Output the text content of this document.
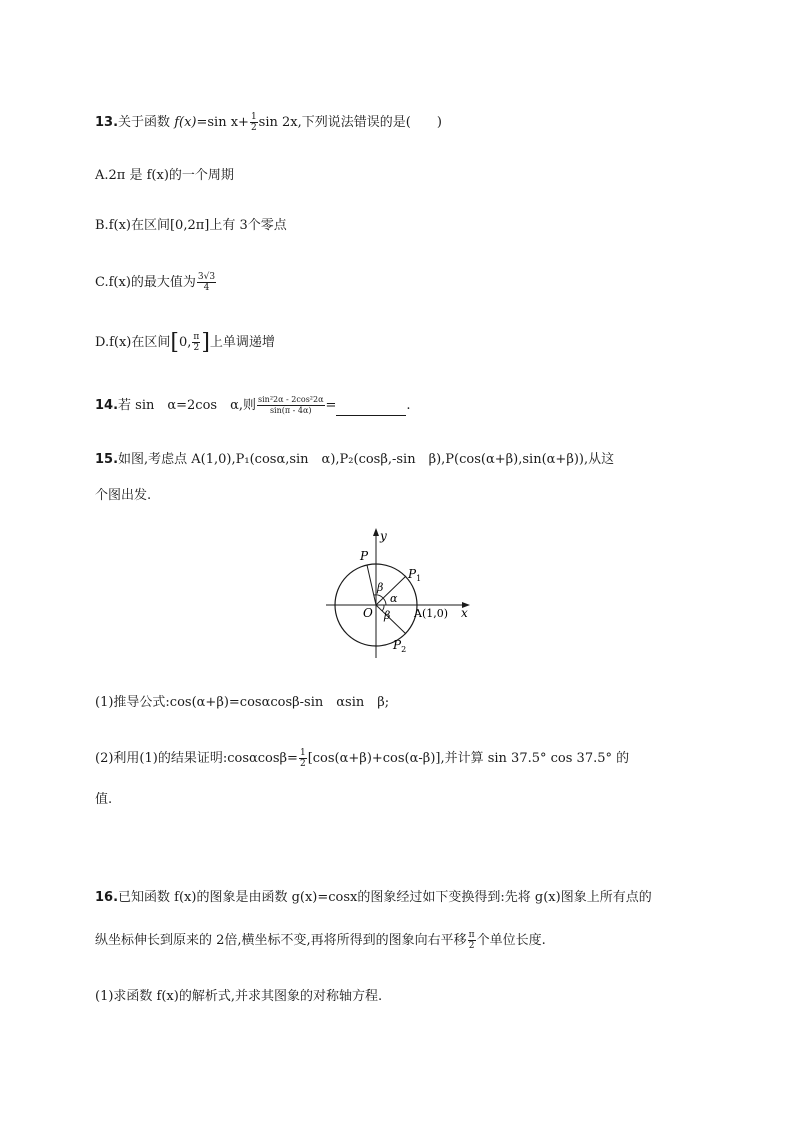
13.关于函数 f(x)=sin $x+ \frac{1}{2}$ sin 2x,下列说法错误的是(　　)
A.2π 是 f(x)的一个周期
B.f(x)在区间[0,2π]上有 3个零点
C.f(x)的最大值为 $\frac{3√3}{4}$
D.f(x)在区间[0, $\frac{\pi}{2}$ ]上单调递增
14.若 sin　α=2cos　α,则 $\frac{\text{sin²2α - 2cos²2α}}{\sin(\pi - 4\alpha)}$ =	.
15.如图,考虑点 A(1,0),P₁(cosα,sin　α),P₂(cosβ,-sin　β),P(cos(α+β),sin(α+β)),从这
个图出发.
y
x
O
P
$P_1$
$P_2$
A(1,0)
β
α
β
(1)推导公式:cos(α+β)=cosαcosβ-sin　αsin　β;
(2)利用(1)的结果证明:cosαcosβ= $\frac{1}{2} [\cos(\alpha+\beta)+\cos(\alpha-\beta)]$,并计算 sin 37.5° cos 37.5° 的
值.
16.已知函数 f(x)的图象是由函数 g(x)=cosx的图象经过如下变换得到:先将 g(x)图象上所有点的
纵坐标伸长到原来的 2倍,横坐标不变,再将所得到的图象向右平移 $\frac{\pi}{2}$ 个单位长度.
(1)求函数 f(x)的解析式,并求其图象的对称轴方程.
